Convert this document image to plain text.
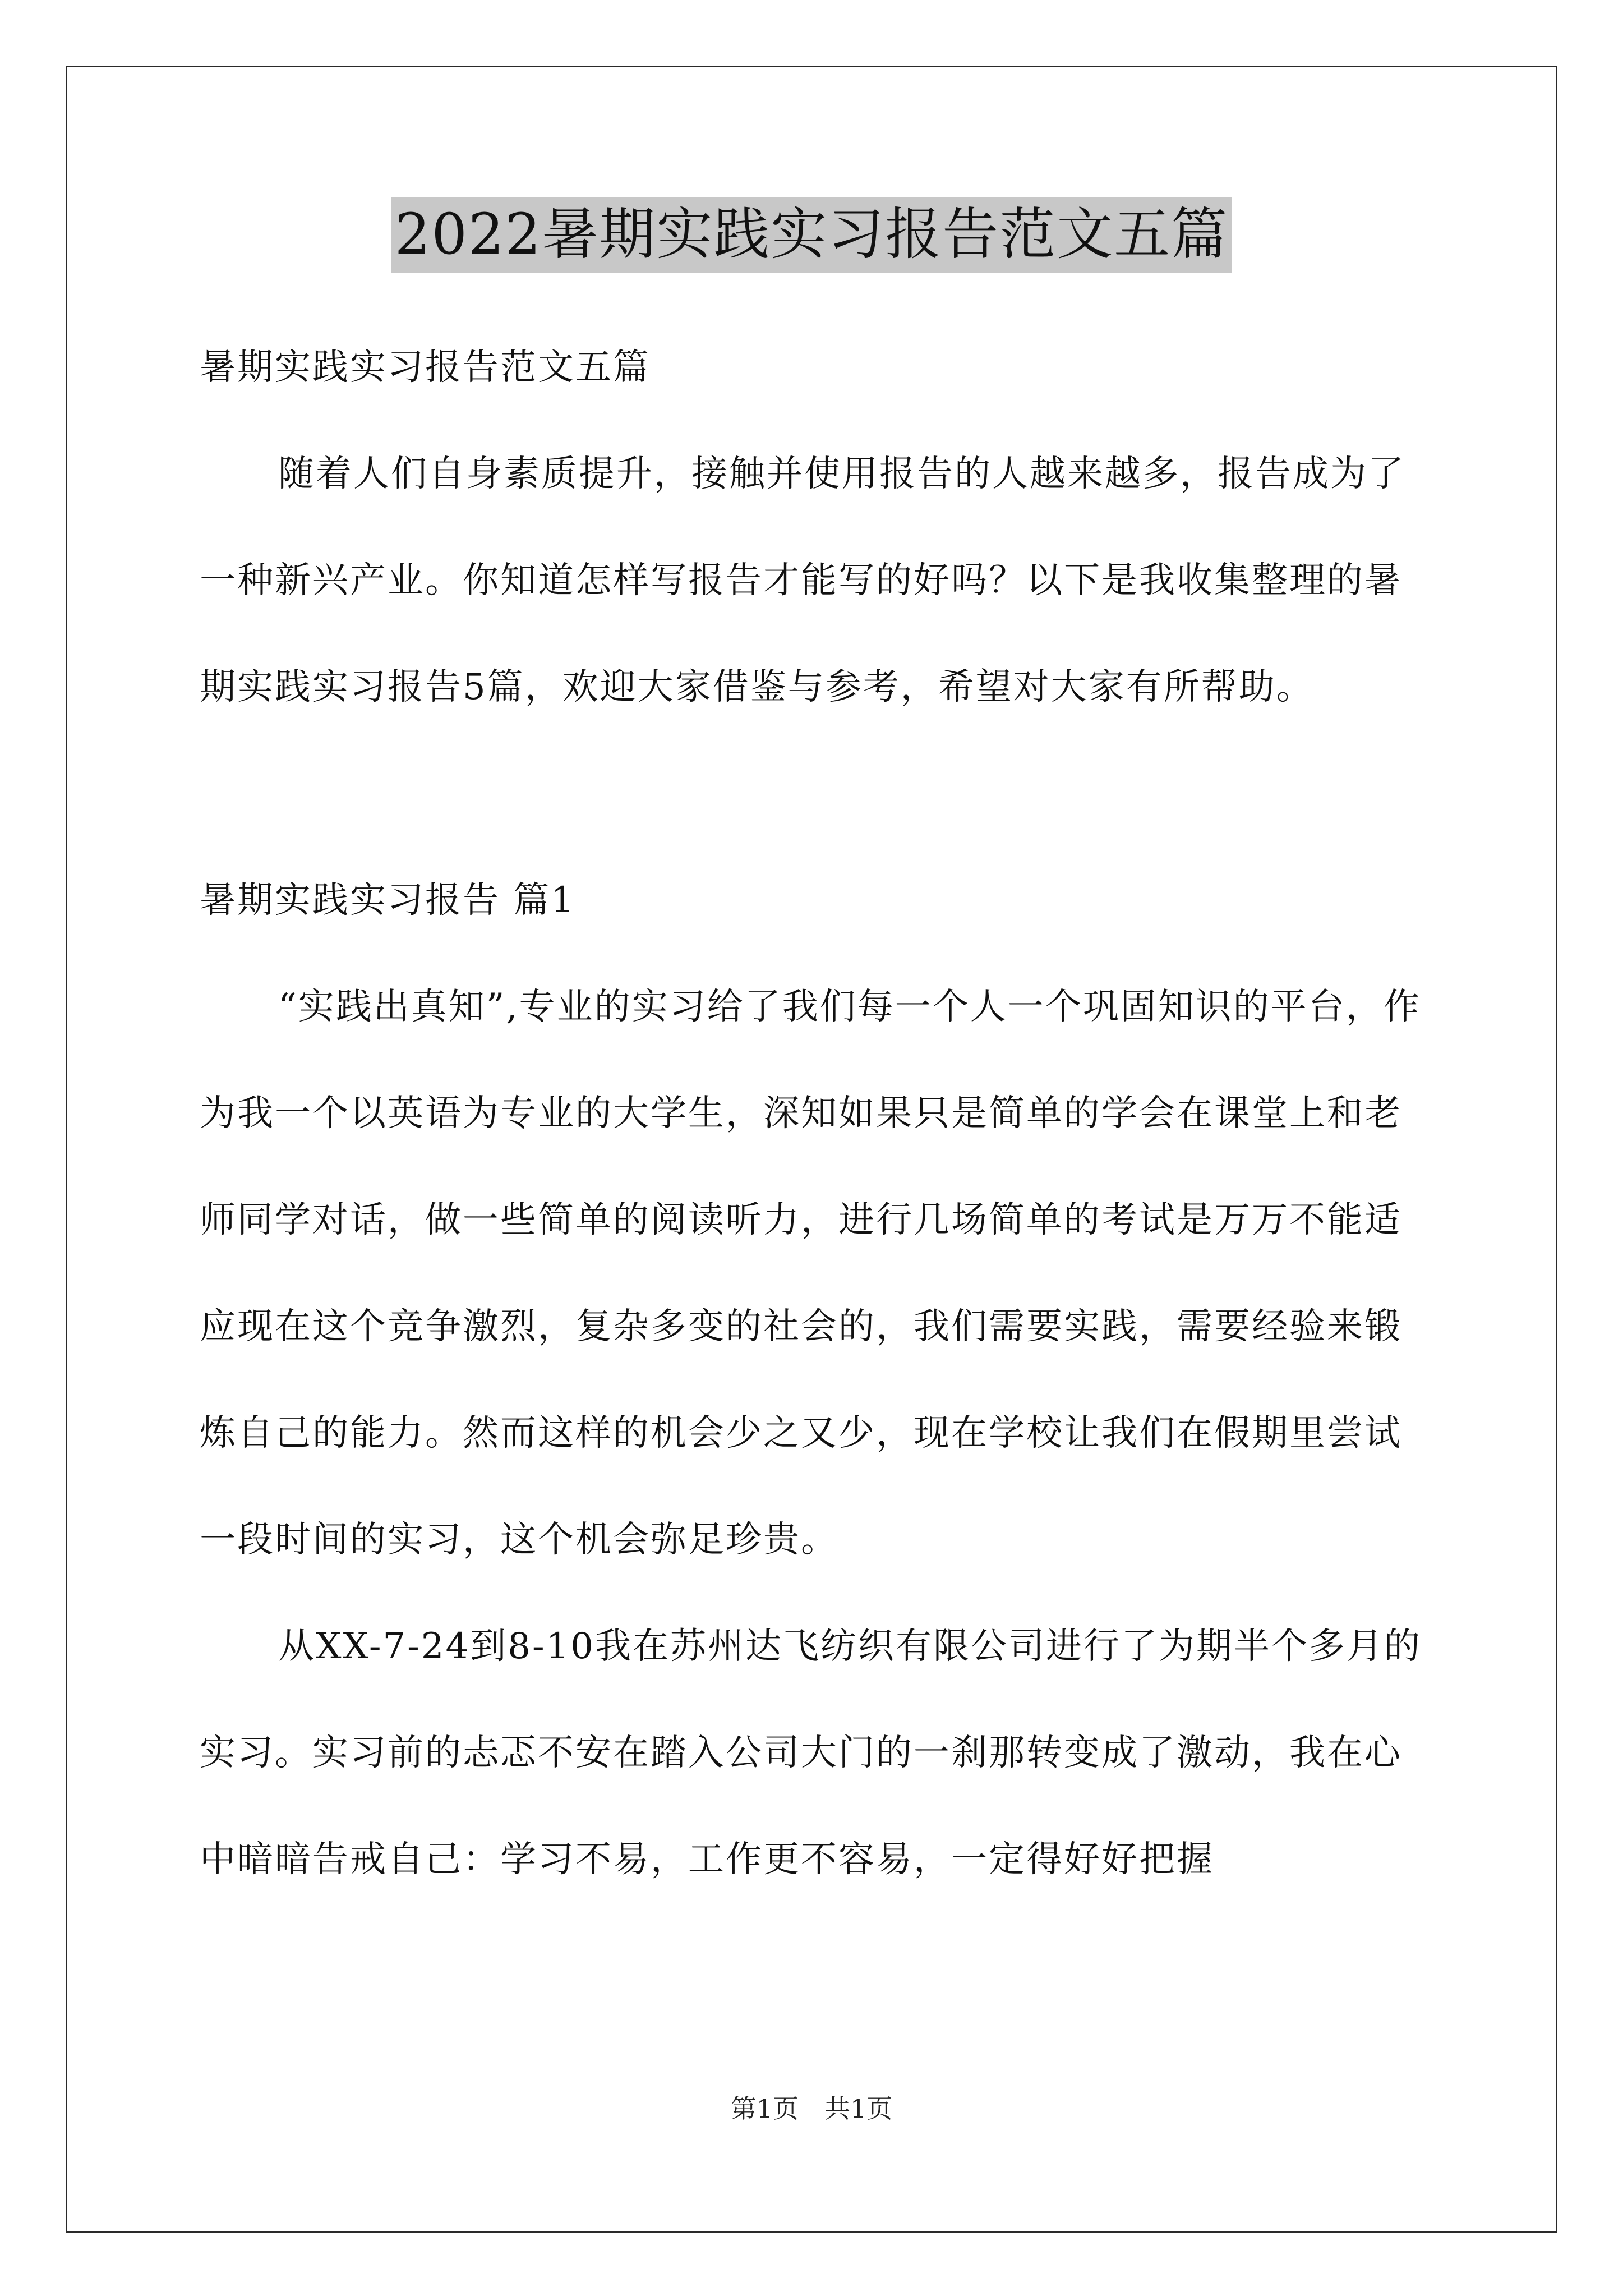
2022暑期实践实习报告范文五篇

暑期实践实习报告范文五篇

随着人们自身素质提升，接触并使用报告的人越来越多，报告成为了一种新兴产业。你知道怎样写报告才能写的好吗？以下是我收集整理的暑期实践实习报告5篇，欢迎大家借鉴与参考，希望对大家有所帮助。

暑期实践实习报告 篇1

“实践出真知”,专业的实习给了我们每一个人一个巩固知识的平台，作为我一个以英语为专业的大学生，深知如果只是简单的学会在课堂上和老师同学对话，做一些简单的阅读听力，进行几场简单的考试是万万不能适应现在这个竞争激烈，复杂多变的社会的，我们需要实践，需要经验来锻炼自己的能力。然而这样的机会少之又少，现在学校让我们在假期里尝试一段时间的实习，这个机会弥足珍贵。

从XX-7-24到8-10我在苏州达飞纺织有限公司进行了为期半个多月的实习。实习前的忐忑不安在踏入公司大门的一刹那转变成了激动，我在心中暗暗告戒自己：学习不易，工作更不容易，一定得好好把握

第1页　共1页
